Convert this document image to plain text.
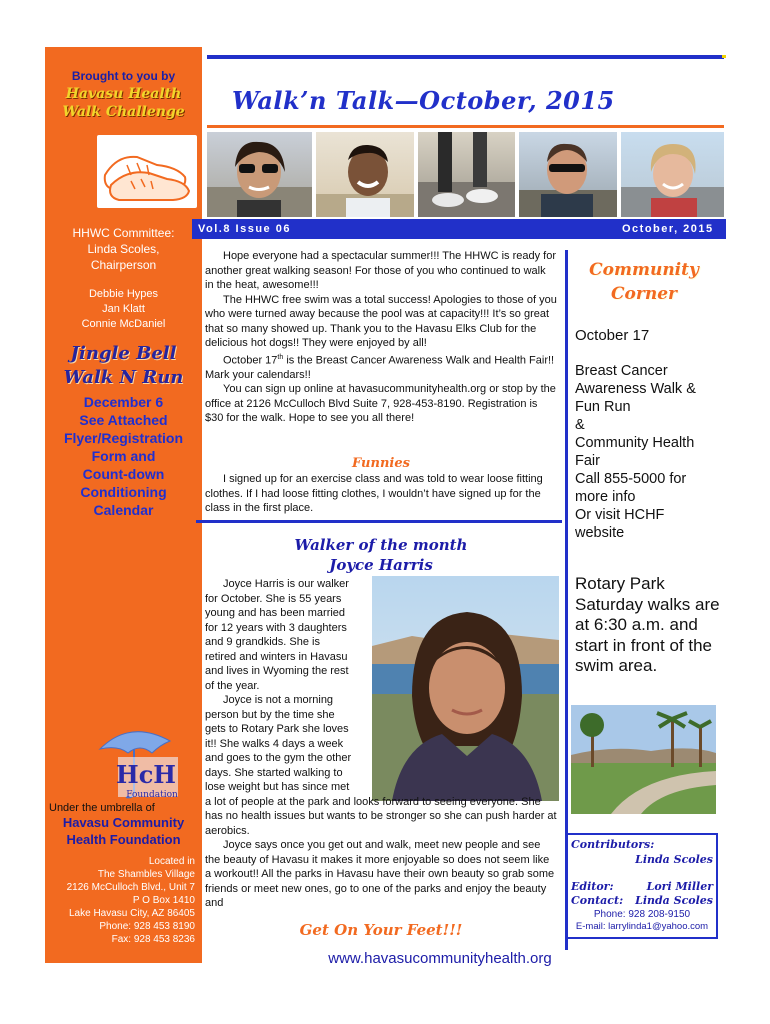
Brought to you by
Havasu Health
Walk Challenge
HHWC Committee:
Linda Scoles,
Chairperson
Debbie Hypes
Jan Klatt
Connie McDaniel
Jingle Bell
Walk N Run
December 6
See Attached
Flyer/Registration
Form and
Count-down
Conditioning
Calendar
HcH
Foundation
Under the umbrella of
Havasu Community
Health Foundation
Located in
The Shambles Village
2126 McCulloch Blvd., Unit 7
P O Box 1410
Lake Havasu City, AZ 86405
Phone: 928 453 8190
Fax: 928 453 8236
Walk’n Talk—October, 2015
Vol.8 Issue 06	October, 2015

Hope everyone had a spectacular summer!!! The HHWC is ready for another great walking season! For those of you who continued to walk in the heat, awesome!!!

The HHWC free swim was a total success! Apologies to those of you who were turned away because the pool was at capacity!!! It’s so great that so many showed up. Thank you to the Havasu Elks Club for the delicious hot dogs!! They were enjoyed by all!

October 17th is the Breast Cancer Awareness Walk and Health Fair!! Mark your calendars!!

You can sign up online at havasucommunityhealth.org or stop by the office at 2126 McCulloch Blvd Suite 7, 928-453-8190. Registration is $30 for the walk. Hope to see you all there!

Funnies
I signed up for an exercise class and was told to wear loose fitting clothes. If I had loose fitting clothes, I wouldn’t have signed up for the class in the first place.
Walker of the month
Joyce Harris
Joyce Harris is our walker
for October. She is 55 years
young and has been married
for 12 years with 3 daughters
and 9 grandkids. She is
retired and winters in Havasu
and lives in Wyoming the rest
of the year.
Joyce is not a morning
person but by the time she
gets to Rotary Park she loves
it!! She walks 4 days a week
and goes to the gym the other
days. She started walking to
lose weight but has since met
a lot of people at the park and looks forward to seeing everyone. She has no health issues but wants to be stronger so she can push harder at aerobics.
Joyce says once you get out and walk, meet new people and see the beauty of Havasu it makes it more enjoyable so does not seem like a workout!! All the parks in Havasu have their own beauty so grab some friends or meet new ones, go to one of the parks and enjoy the beauty and
Get On Your Feet!!!
www.havasucommunityhealth.org
Community
Corner
October 17
Breast Cancer
Awareness Walk &
Fun Run
&
Community Health
Fair
Call 855-5000 for
more info
Or visit HCHF
website
Rotary Park Saturday walks are at 6:30 a.m. and start in front of the swim area.
Contributors:
Linda Scoles
Editor:	Lori Miller
Contact: Linda Scoles
Phone: 928 208-9150
E-mail: larrylinda1@yahoo.com
